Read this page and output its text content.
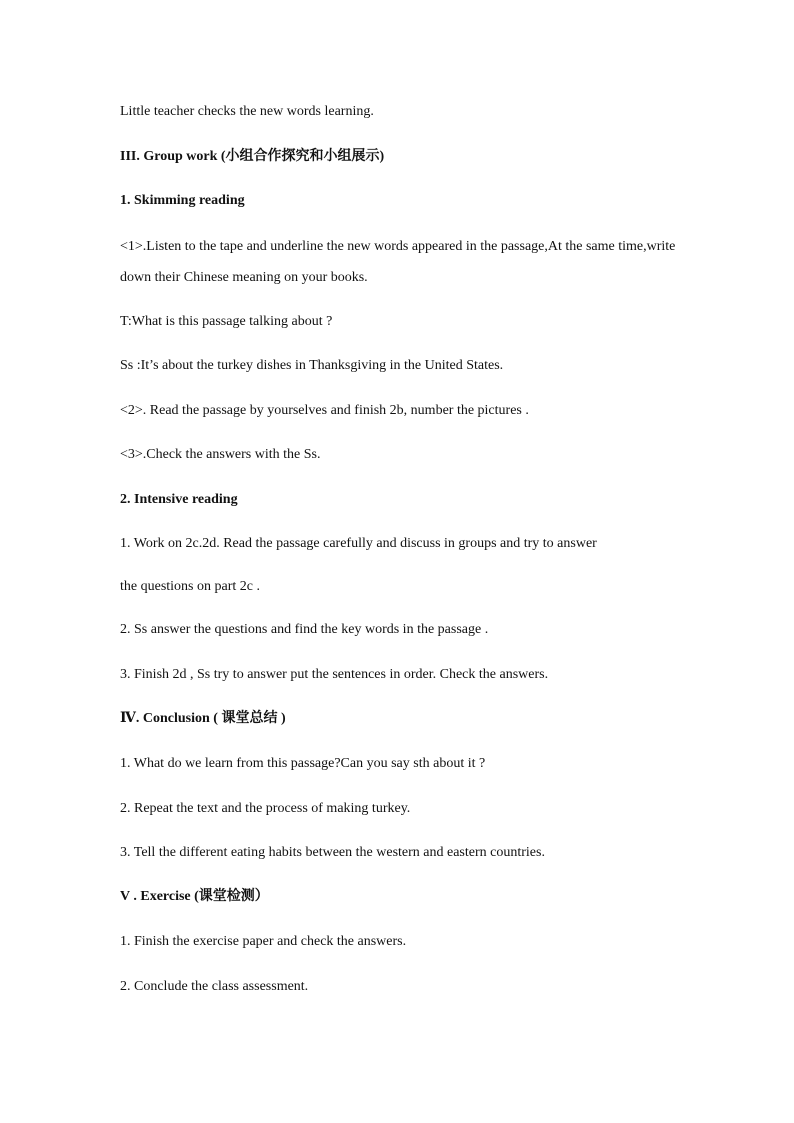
Little teacher checks the new words learning.
III. Group work (小组合作探究和小组展示)
1. Skimming reading
<1>.Listen to the tape and underline the new words appeared in the passage,At the same time,write down their Chinese meaning on your books.
T:What is this passage talking about ?
Ss :It’s about the turkey dishes in Thanksgiving in the United States.
<2>. Read the passage by yourselves and finish 2b, number the pictures .
<3>.Check the answers with the Ss.
2. Intensive reading
1. Work on 2c.2d. Read the passage carefully and discuss in groups and try to answer
the questions on part 2c .
2. Ss answer the questions and find the key words in the passage .
3. Finish 2d , Ss try to answer put the sentences in order. Check the answers.
Ⅳ. Conclusion ( 课堂总结 )
1. What do we learn from this passage?Can you say sth about it ?
2. Repeat the text and the process of making turkey.
3. Tell the different eating habits between the western and eastern countries.
V . Exercise (课堂检测）
1. Finish the exercise paper and check the answers.
2. Conclude the class assessment.
